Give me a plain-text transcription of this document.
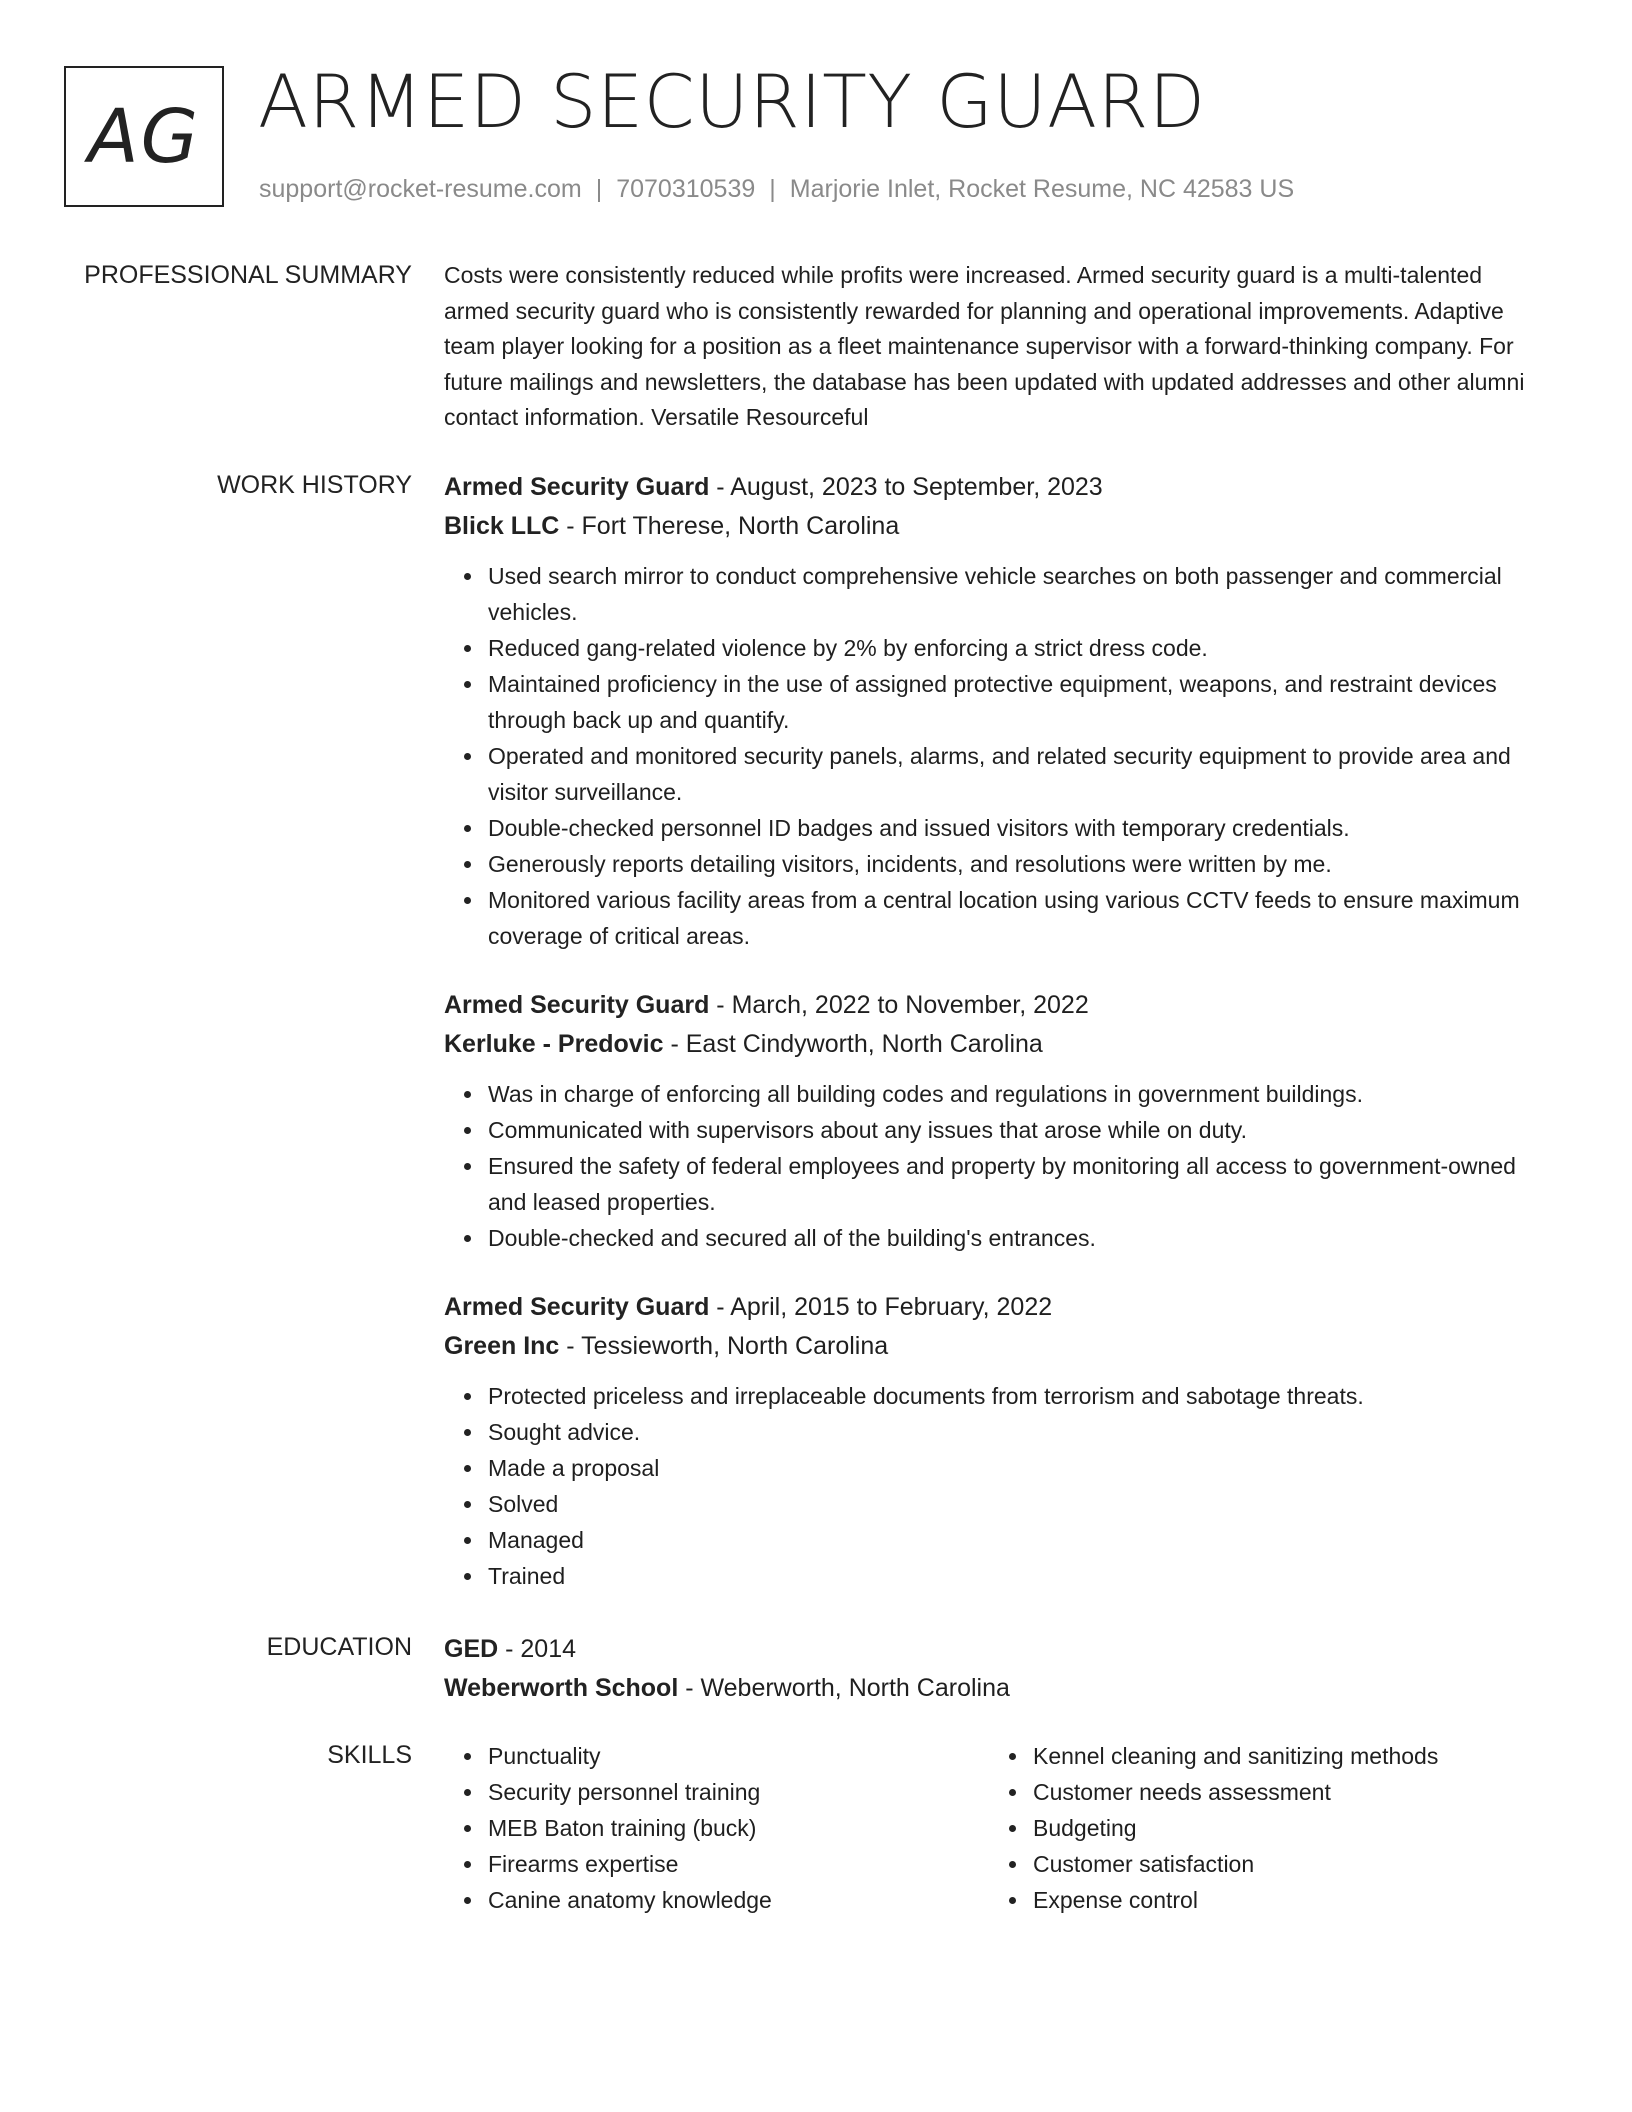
AG ARMED SECURITY GUARD
support@rocket-resume.com | 7070310539 | Marjorie Inlet, Rocket Resume, NC 42583 US
PROFESSIONAL SUMMARY Costs were consistently reduced while profits were increased. Armed security guard is a multi-talented armed security guard who is consistently rewarded for planning and operational improvements. Adaptive team player looking for a position as a fleet maintenance supervisor with a forward-thinking company. For future mailings and newsletters, the database has been updated with updated addresses and other alumni contact information. Versatile Resourceful

WORK HISTORY Armed Security Guard - August, 2023 to September, 2023
Blick LLC - Fort Therese, North Carolina
Used search mirror to conduct comprehensive vehicle searches on both passenger and commercial vehicles.
Reduced gang-related violence by 2% by enforcing a strict dress code.
Maintained proficiency in the use of assigned protective equipment, weapons, and restraint devices through back up and quantify.
Operated and monitored security panels, alarms, and related security equipment to provide area and visitor surveillance.
Double-checked personnel ID badges and issued visitors with temporary credentials.
Generously reports detailing visitors, incidents, and resolutions were written by me.
Monitored various facility areas from a central location using various CCTV feeds to ensure maximum coverage of critical areas.
Armed Security Guard - March, 2022 to November, 2022
Kerluke - Predovic - East Cindyworth, North Carolina
Was in charge of enforcing all building codes and regulations in government buildings.
Communicated with supervisors about any issues that arose while on duty.
Ensured the safety of federal employees and property by monitoring all access to government-owned and leased properties.
Double-checked and secured all of the building's entrances.
Armed Security Guard - April, 2015 to February, 2022
Green Inc - Tessieworth, North Carolina
Protected priceless and irreplaceable documents from terrorism and sabotage threats.
Sought advice.
Made a proposal
Solved
Managed
Trained
EDUCATION GED - 2014
Weberworth School - Weberworth, North Carolina
SKILLS	Punctuality
Security personnel training
MEB Baton training (buck)
Firearms expertise
Canine anatomy knowledge
Kennel cleaning and sanitizing methods
Customer needs assessment
Budgeting
Customer satisfaction
Expense control
